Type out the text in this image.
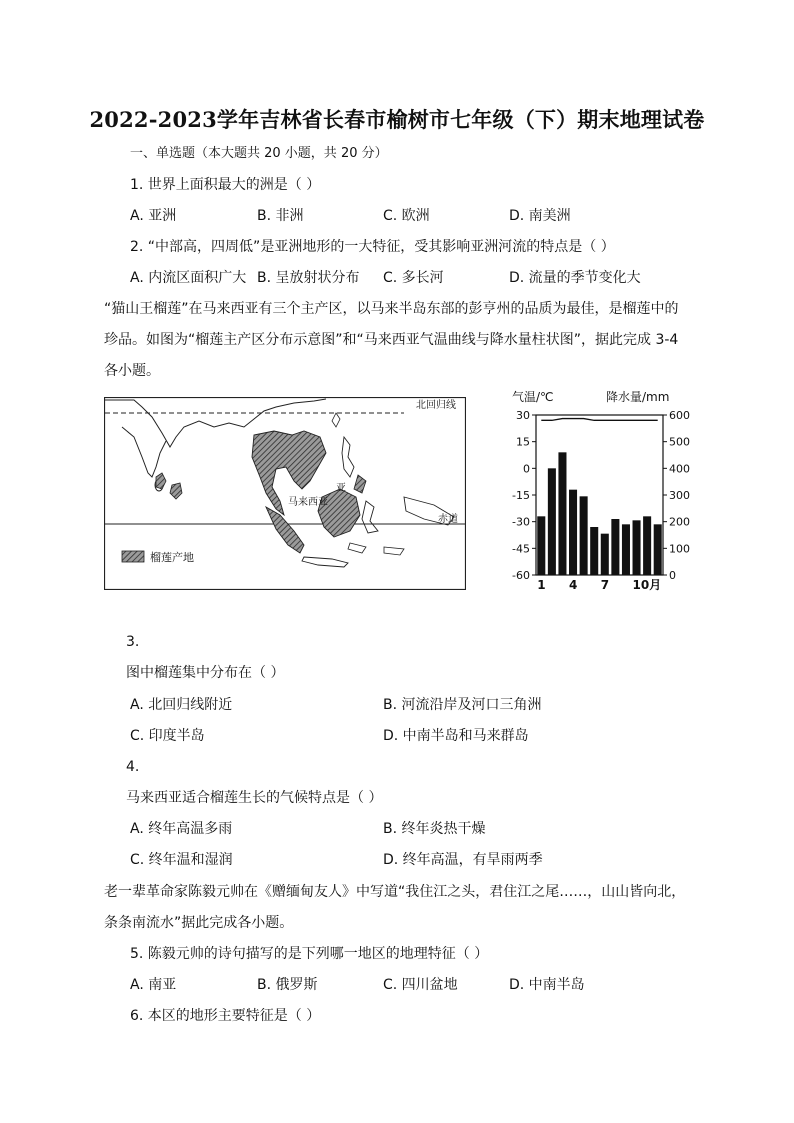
2022-2023学年吉林省长春市榆树市七年级（下）期末地理试卷
一、单选题（本大题共 20 小题，共 20 分）
1. 世界上面积最大的洲是（ ）
A. 亚洲	B. 非洲	C. 欧洲	D. 南美洲
2. “中部高，四周低”是亚洲地形的一大特征，受其影响亚洲河流的特点是（ ）
A. 内流区面积广大 B. 呈放射状分布 C. 多长河	D. 流量的季节变化大
“猫山王榴莲”在马来西亚有三个主产区，以马来半岛东部的彭亨州的品质为最佳，是榴莲中的
珍品。如图为“榴莲主产区分布示意图”和“马来西亚气温曲线与降水量柱状图”，据此完成 3-4
各小题。
北回归线
赤道
马来西亚
亚
榴莲产地
气温/℃	降水量/mm
30
15
0
-15
-30
-45
-60
600
500
400
300
200
100
0
1 4 7 10月
3.
图中榴莲集中分布在（ ）
A. 北回归线附近	B. 河流沿岸及河口三角洲
C. 印度半岛	D. 中南半岛和马来群岛
4.
马来西亚适合榴莲生长的气候特点是（ ）
A. 终年高温多雨	B. 终年炎热干燥
C. 终年温和湿润	D. 终年高温，有旱雨两季
老一辈革命家陈毅元帅在《赠缅甸友人》中写道“我住江之头，君住江之尾……，山山皆向北，
条条南流水”据此完成各小题。
5. 陈毅元帅的诗句描写的是下列哪一地区的地理特征（ ）
A. 南亚	B. 俄罗斯	C. 四川盆地	D. 中南半岛
6. 本区的地形主要特征是（ ）
